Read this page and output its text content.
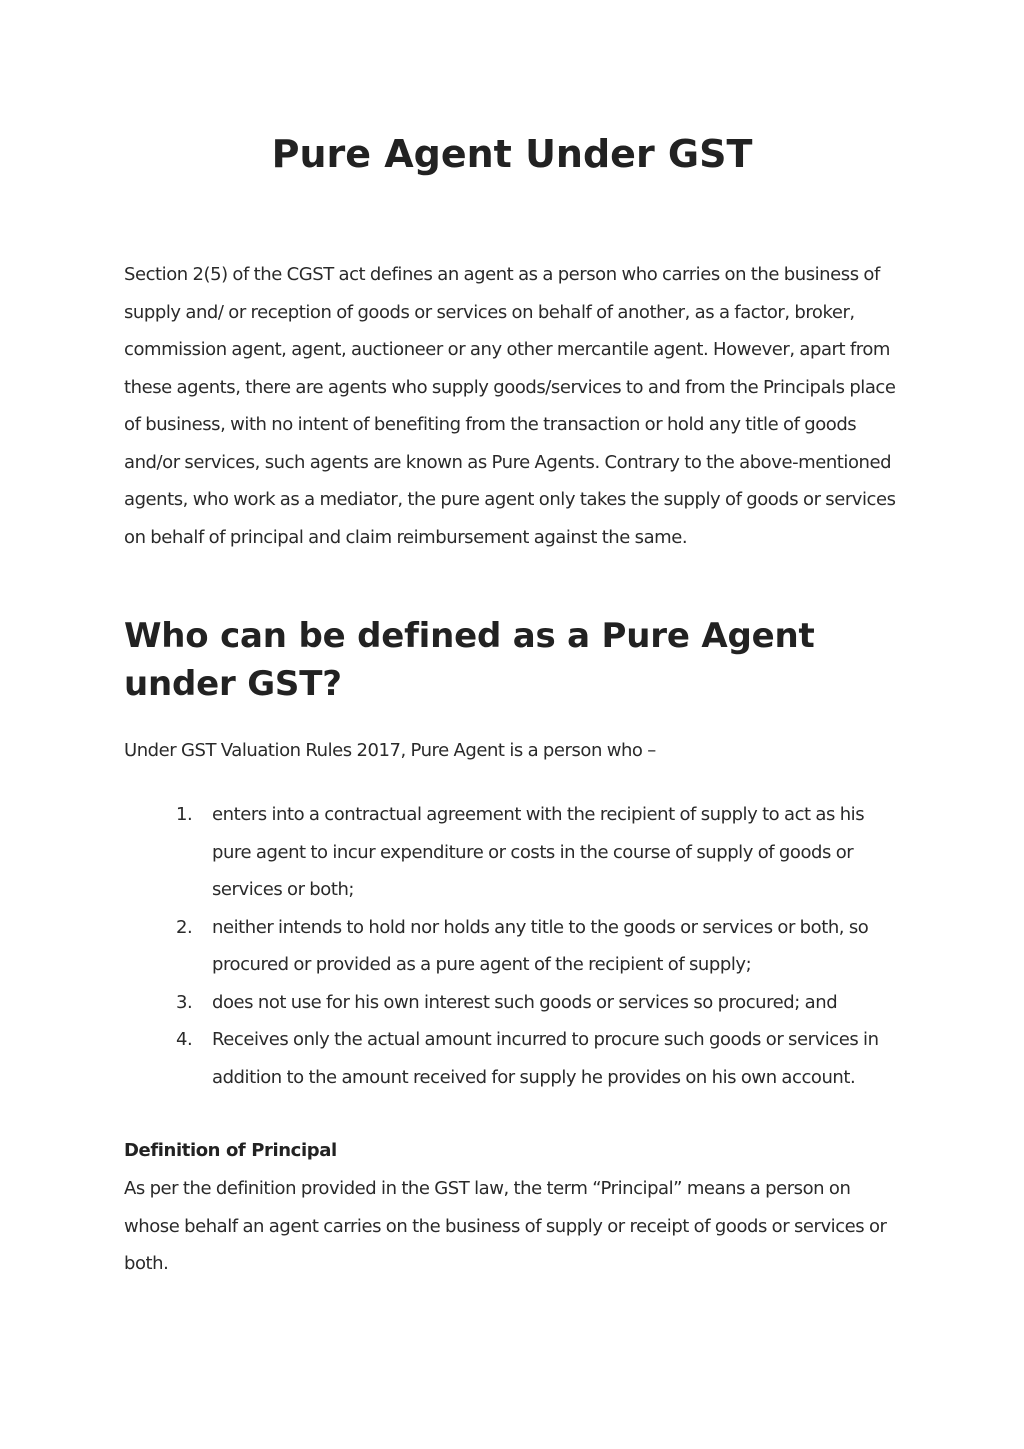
Pure Agent Under GST

Section 2(5) of the CGST act defines an agent as a person who carries on the business of supply and/ or reception of goods or services on behalf of another, as a factor, broker, commission agent, agent, auctioneer or any other mercantile agent. However, apart from these agents, there are agents who supply goods/services to and from the Principals place of business, with no intent of benefiting from the transaction or hold any title of goods and/or services, such agents are known as Pure Agents. Contrary to the above-mentioned agents, who work as a mediator, the pure agent only takes the supply of goods or services on behalf of principal and claim reimbursement against the same.

Who can be defined as a Pure Agent under GST?

Under GST Valuation Rules 2017, Pure Agent is a person who –

1.	enters into a contractual agreement with the recipient of supply to act as his pure agent to incur expenditure or costs in the course of supply of goods or services or both;
2.	neither intends to hold nor holds any title to the goods or services or both, so procured or provided as a pure agent of the recipient of supply;
3.	does not use for his own interest such goods or services so procured; and
4.	Receives only the actual amount incurred to procure such goods or services in addition to the amount received for supply he provides on his own account.
Definition of Principal

As per the definition provided in the GST law, the term “Principal” means a person on whose behalf an agent carries on the business of supply or receipt of goods or services or both.
